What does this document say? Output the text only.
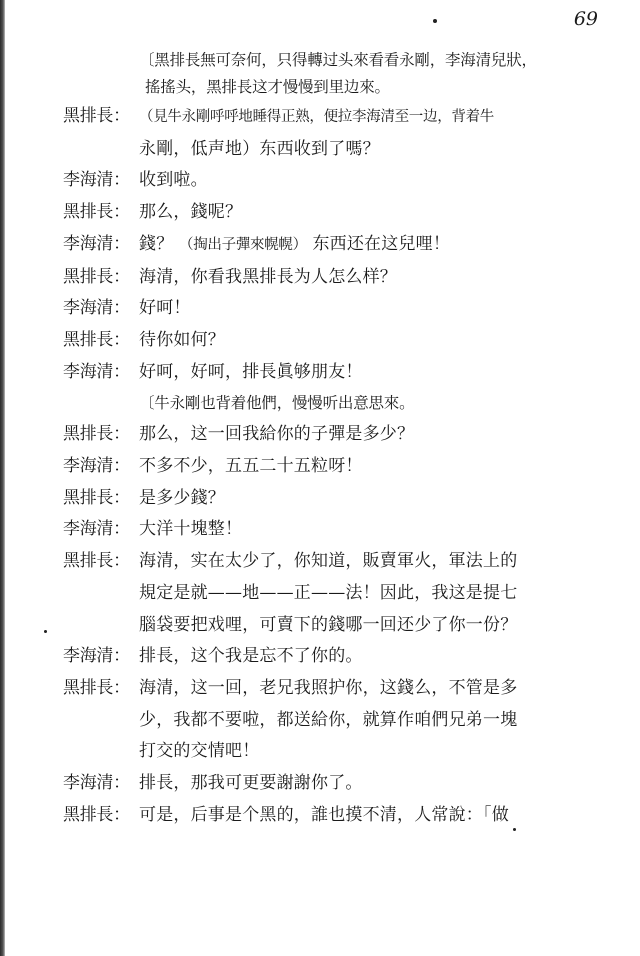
69
〔黑排長無可奈何，只得轉过头來看看永剛，李海清兒狀，
搖搖头，黑排長这才慢慢到里边來。
黑排長： （見牛永剛呼呼地睡得正熟，便拉李海清至一边，背着牛
永剛，低声地）东西收到了嗎？
李海清： 收到啦。
黑排長： 那么，錢呢？
李海清： 錢？ （掏出子彈來幌幌） 东西还在这兒哩！
黑排長： 海清，你看我黑排長为人怎么样？
李海清： 好呵！
黑排長： 待你如何？
李海清： 好呵，好呵，排長眞够朋友！
〔牛永剛也背着他們，慢慢听出意思來。
黑排長： 那么，这一回我給你的子彈是多少？
李海清： 不多不少，五五二十五粒呀！
黑排長： 是多少錢？
李海清： 大洋十塊整！
黑排長： 海清，实在太少了，你知道，販賣軍火，軍法上的
規定是就——地——正——法！因此，我这是提七
腦袋要把戏哩，可賣下的錢哪一回还少了你一份？
李海清： 排長，这个我是忘不了你的。
黑排長： 海清，这一回，老兄我照护你，这錢么，不管是多
少，我都不要啦，都送給你，就算作咱們兄弟一塊
打交的交情吧！
李海清： 排長，那我可更要謝謝你了。
黑排長： 可是，后事是个黑的，誰也摸不清，人常說：「做
